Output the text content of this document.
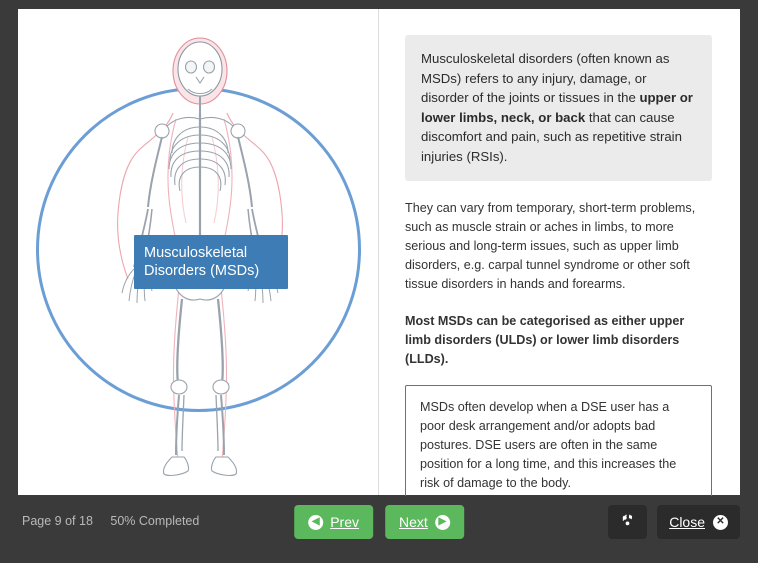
Musculoskeletal Disorders (MSDs)
Musculoskeletal disorders (often known as MSDs) refers to any injury, damage, or disorder of the joints or tissues in the upper or lower limbs, neck, or back that can cause discomfort and pain, such as repetitive strain injuries (RSIs).
They can vary from temporary, short-term problems, such as muscle strain or aches in limbs, to more serious and long-term issues, such as upper limb disorders, e.g. carpal tunnel syndrome or other soft tissue disorders in hands and forearms.
Most MSDs can be categorised as either upper limb disorders (ULDs) or lower limb disorders (LLDs).
MSDs often develop when a DSE user has a poor desk arrangement and/or adopts bad postures. DSE users are often in the same position for a long time, and this increases the risk of damage to the body.
Page 9 of 18 50% Completed	◀ Prev	Next	▶	Close	✕
